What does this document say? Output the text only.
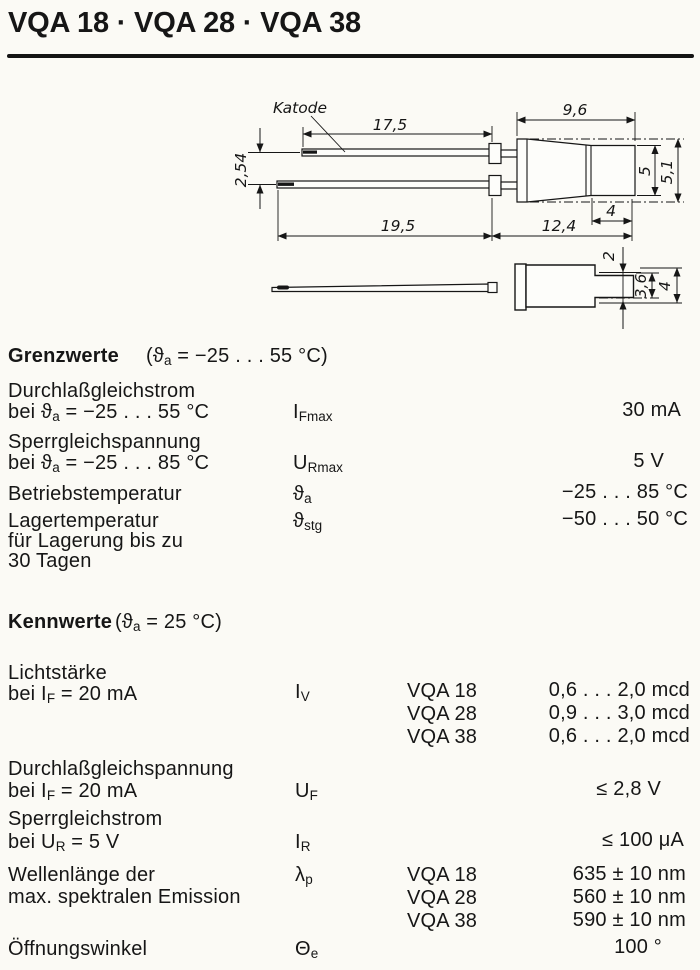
VQA 18 · VQA 28 · VQA 38
Katode
17,5
9,6
2,54
19,5	12,4
4
5 5,1
2
3,6 4
Grenzwerte ($ϑ_a = -25$ . . . 55 °C)
Durchlaßgleichstrom
bei $ϑ_a = -25$ . . . 55 °C	$I_{Fmax}$	30 mA
Sperrgleichspannung
bei $ϑ_a = -25$ . . . 85 °C	$U_{Rmax}$	5 V
Betriebstemperatur	$ϑ_a$	−25 . . . 85 °C
Lagertemperatur
für Lagerung bis zu
30 Tagen
$ϑ_{stg}$	−50 . . . 50 °C
Kennwerte ($ϑ_a = 25$ °C)
Lichtstärke
bei $I_F = 20$ mA	$I_V$	VQA 18	0,6 . . . 2,0 mcd
VQA 28	0,9 . . . 3,0 mcd
VQA 38	0,6 . . . 2,0 mcd
Durchlaßgleichspannung
bei $I_F = 20$ mA	$U_F$	≤ 2,8 V
Sperrgleichstrom
bei $U_R = 5$ V	$I_R$	≤ 100 μA
Wellenlänge der
max. spektralen Emission
$\lambda_p$	VQA 18	635 ± 10 nm
VQA 28	560 ± 10 nm
VQA 38	590 ± 10 nm
Öffnungswinkel	$\Theta_e$	100 °
